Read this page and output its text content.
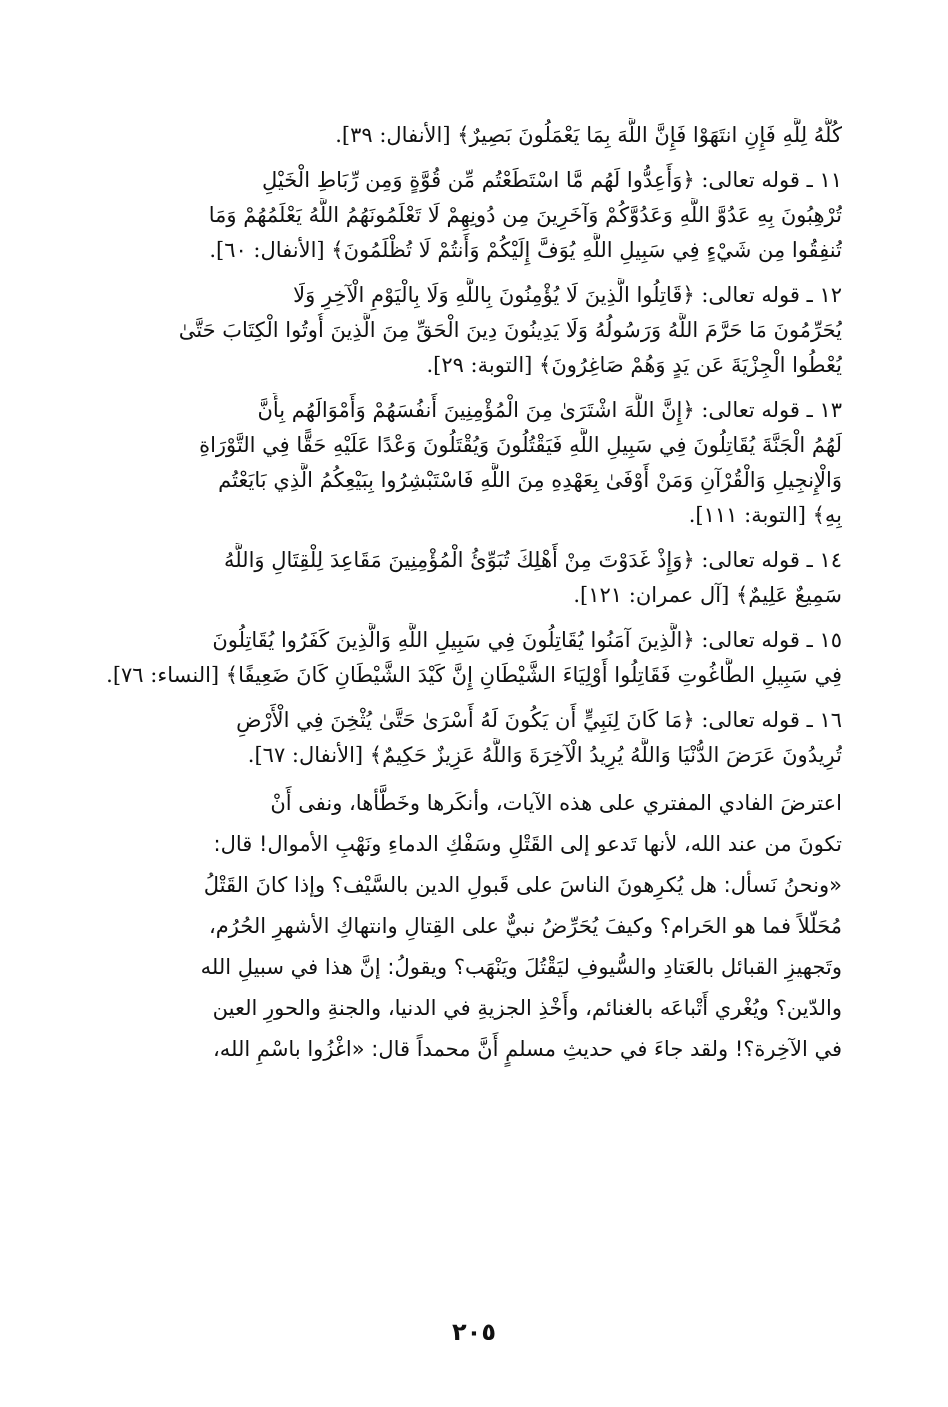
كُلُّهُ لِلَّهِ فَإِنِ انتَهَوْا فَإِنَّ اللَّهَ بِمَا يَعْمَلُونَ بَصِيرٌ﴾ [الأنفال: ٣٩].
١١ ـ قوله تعالى: ﴿وَأَعِدُّوا لَهُم مَّا اسْتَطَعْتُم مِّن قُوَّةٍ وَمِن رِّبَاطِ الْخَيْلِ
تُرْهِبُونَ بِهِ عَدُوَّ اللَّهِ وَعَدُوَّكُمْ وَآخَرِينَ مِن دُونِهِمْ لَا تَعْلَمُونَهُمُ اللَّهُ يَعْلَمُهُمْ وَمَا
تُنفِقُوا مِن شَيْءٍ فِي سَبِيلِ اللَّهِ يُوَفَّ إِلَيْكُمْ وَأَنتُمْ لَا تُظْلَمُونَ﴾ [الأنفال: ٦٠].
١٢ ـ قوله تعالى: ﴿قَاتِلُوا الَّذِينَ لَا يُؤْمِنُونَ بِاللَّهِ وَلَا بِالْيَوْمِ الْآخِرِ وَلَا
يُحَرِّمُونَ مَا حَرَّمَ اللَّهُ وَرَسُولُهُ وَلَا يَدِينُونَ دِينَ الْحَقِّ مِنَ الَّذِينَ أُوتُوا الْكِتَابَ حَتَّىٰ
يُعْطُوا الْجِزْيَةَ عَن يَدٍ وَهُمْ صَاغِرُونَ﴾ [التوبة: ٢٩].
١٣ ـ قوله تعالى: ﴿إِنَّ اللَّهَ اشْتَرَىٰ مِنَ الْمُؤْمِنِينَ أَنفُسَهُمْ وَأَمْوَالَهُم بِأَنَّ
لَهُمُ الْجَنَّةَ يُقَاتِلُونَ فِي سَبِيلِ اللَّهِ فَيَقْتُلُونَ وَيُقْتَلُونَ وَعْدًا عَلَيْهِ حَقًّا فِي التَّوْرَاةِ
وَالْإِنجِيلِ وَالْقُرْآنِ وَمَنْ أَوْفَىٰ بِعَهْدِهِ مِنَ اللَّهِ فَاسْتَبْشِرُوا بِبَيْعِكُمُ الَّذِي بَايَعْتُم
بِهِ﴾ [التوبة: ١١١].
١٤ ـ قوله تعالى: ﴿وَإِذْ غَدَوْتَ مِنْ أَهْلِكَ تُبَوِّئُ الْمُؤْمِنِينَ مَقَاعِدَ لِلْقِتَالِ وَاللَّهُ
سَمِيعٌ عَلِيمٌ﴾ [آل عمران: ١٢١].
١٥ ـ قوله تعالى: ﴿الَّذِينَ آمَنُوا يُقَاتِلُونَ فِي سَبِيلِ اللَّهِ وَالَّذِينَ كَفَرُوا يُقَاتِلُونَ
فِي سَبِيلِ الطَّاغُوتِ فَقَاتِلُوا أَوْلِيَاءَ الشَّيْطَانِ إِنَّ كَيْدَ الشَّيْطَانِ كَانَ ضَعِيفًا﴾ [النساء: ٧٦].
١٦ ـ قوله تعالى: ﴿مَا كَانَ لِنَبِيٍّ أَن يَكُونَ لَهُ أَسْرَىٰ حَتَّىٰ يُثْخِنَ فِي الْأَرْضِ
تُرِيدُونَ عَرَضَ الدُّنْيَا وَاللَّهُ يُرِيدُ الْآخِرَةَ وَاللَّهُ عَزِيزٌ حَكِيمٌ﴾ [الأنفال: ٦٧].
اعترضَ الفادي المفتري على هذه الآيات، وأنكَرها وخَطَّأها، ونفى أَنْ
تكونَ من عند الله، لأنها تَدعو إلى القَتْلِ وسَفْكِ الدماءِ ونَهْبِ الأموال! قال:
«ونحنُ نَسأل: هل يُكرِهونَ الناسَ على قَبولِ الدين بالسَّيْف؟ وإذا كانَ القَتْلُ
مُحَلّلاً فما هو الحَرام؟ وكيفَ يُحَرِّضُ نبيٌّ على القِتالِ وانتهاكِ الأشهرِ الحُرُم،
وتَجهيزِ القبائل بالعَتادِ والسُّيوفِ ليَقْتُلَ ويَنْهَب؟ ويقولُ: إنَّ هذا في سبيلِ الله
والدّين؟ ويُغْري أَتْباعَه بالغنائم، وأَخْذِ الجزيةِ في الدنيا، والجنةِ والحورِ العين
في الآخِرة؟! ولقد جاءَ في حديثِ مسلمٍ أَنَّ محمداً قال: «اغْزُوا باسْمِ الله،
٢٠٥
